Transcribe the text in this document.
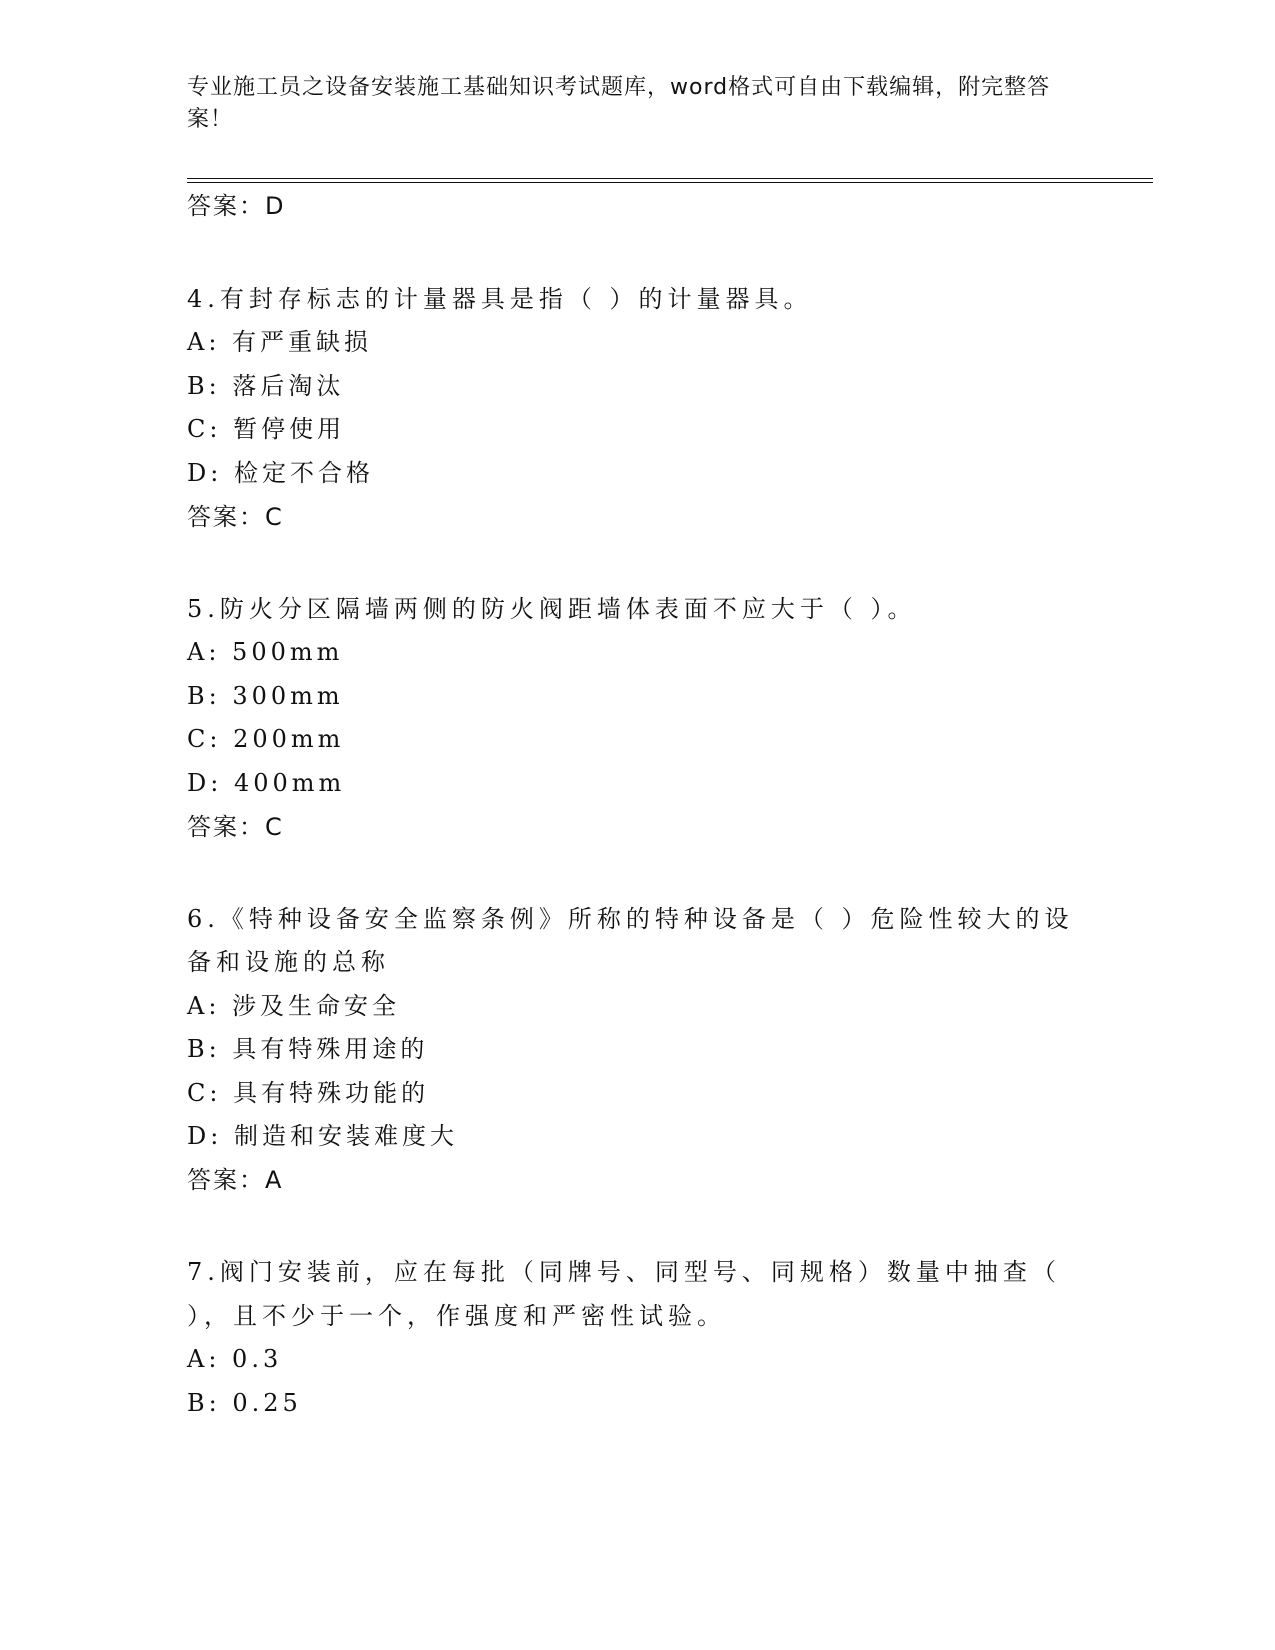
专业施工员之设备安装施工基础知识考试题库，word格式可自由下载编辑，附完整答案！
答案：D
4.有封存标志的计量器具是指（ ）的计量器具。
A: 有严重缺损
B: 落后淘汰
C: 暂停使用
D: 检定不合格
答案：C
5.防火分区隔墙两侧的防火阀距墙体表面不应大于（ ）。
A: 500mm
B: 300mm
C: 200mm
D: 400mm
答案：C
6.《特种设备安全监察条例》所称的特种设备是（ ）危险性较大的设
备和设施的总称
A: 涉及生命安全
B: 具有特殊用途的
C: 具有特殊功能的
D: 制造和安装难度大
答案：A
7.阀门安装前，应在每批（同牌号、同型号、同规格）数量中抽查（
），且不少于一个，作强度和严密性试验。
A: 0.3
B: 0.25
